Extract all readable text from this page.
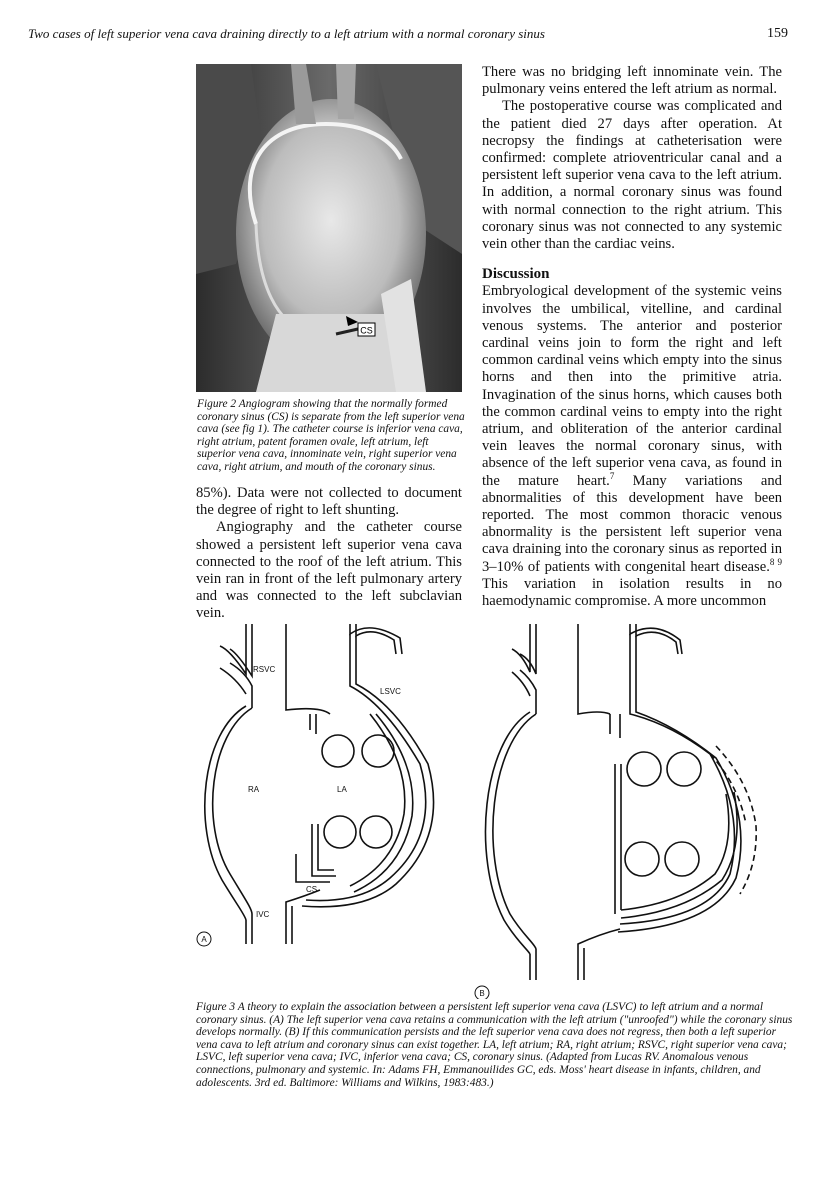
Two cases of left superior vena cava draining directly to a left atrium with a normal coronary sinus	159
CS
Figure 2 Angiogram showing that the normally formed coronary sinus (CS) is separate from the left superior vena cava (see fig 1). The catheter course is inferior vena cava, right atrium, patent foramen ovale, left atrium, left superior vena cava, innominate vein, right superior vena cava, right atrium, and mouth of the coronary sinus.

85%). Data were not collected to document the degree of right to left shunting.

Angiography and the catheter course showed a persistent left superior vena cava connected to the roof of the left atrium. This vein ran in front of the left pulmonary artery and was connected to the left subclavian vein.

There was no bridging left innominate vein. The pulmonary veins entered the left atrium as normal.

The postoperative course was complicated and the patient died 27 days after operation. At necropsy the findings at catheterisation were confirmed: complete atrioventricular canal and a persistent left superior vena cava to the left atrium. In addition, a normal coronary sinus was found with normal connection to the right atrium. This coronary sinus was not connected to any systemic vein other than the cardiac veins.

Discussion

Embryological development of the systemic veins involves the umbilical, vitelline, and cardinal venous systems. The anterior and posterior cardinal veins join to form the right and left common cardinal veins which empty into the sinus horns and then into the primitive atria. Invagination of the sinus horns, which causes both the common cardinal veins to empty into the right atrium, and obliteration of the anterior cardinal vein leaves the normal coronary sinus, with absence of the left superior vena cava, as found in the mature heart.$^7$ Many variations and abnormalities of this development have been reported. The most common thoracic venous abnormality is the persistent left superior vena cava draining into the coronary sinus as reported in 3–10% of patients with congenital heart disease.$^{8 9}$ This variation in isolation results in no haemodynamic compromise. A more uncommon

RSVC
LSVC
RA	LA
CS
IVC
A
B
Figure 3 A theory to explain the association between a persistent left superior vena cava (LSVC) to left atrium and a normal coronary sinus. (A) The left superior vena cava retains a communication with the left atrium ("unroofed") while the coronary sinus develops normally. (B) If this communication persists and the left superior vena cava does not regress, then both a left superior vena cava to left atrium and coronary sinus can exist together. LA, left atrium; RA, right atrium; RSVC, right superior vena cava; LSVC, left superior vena cava; IVC, inferior vena cava; CS, coronary sinus. (Adapted from Lucas RV. Anomalous venous connections, pulmonary and systemic. In: Adams FH, Emmanouilides GC, eds. Moss' heart disease in infants, children, and adolescents. 3rd ed. Baltimore: Williams and Wilkins, 1983:483.)
